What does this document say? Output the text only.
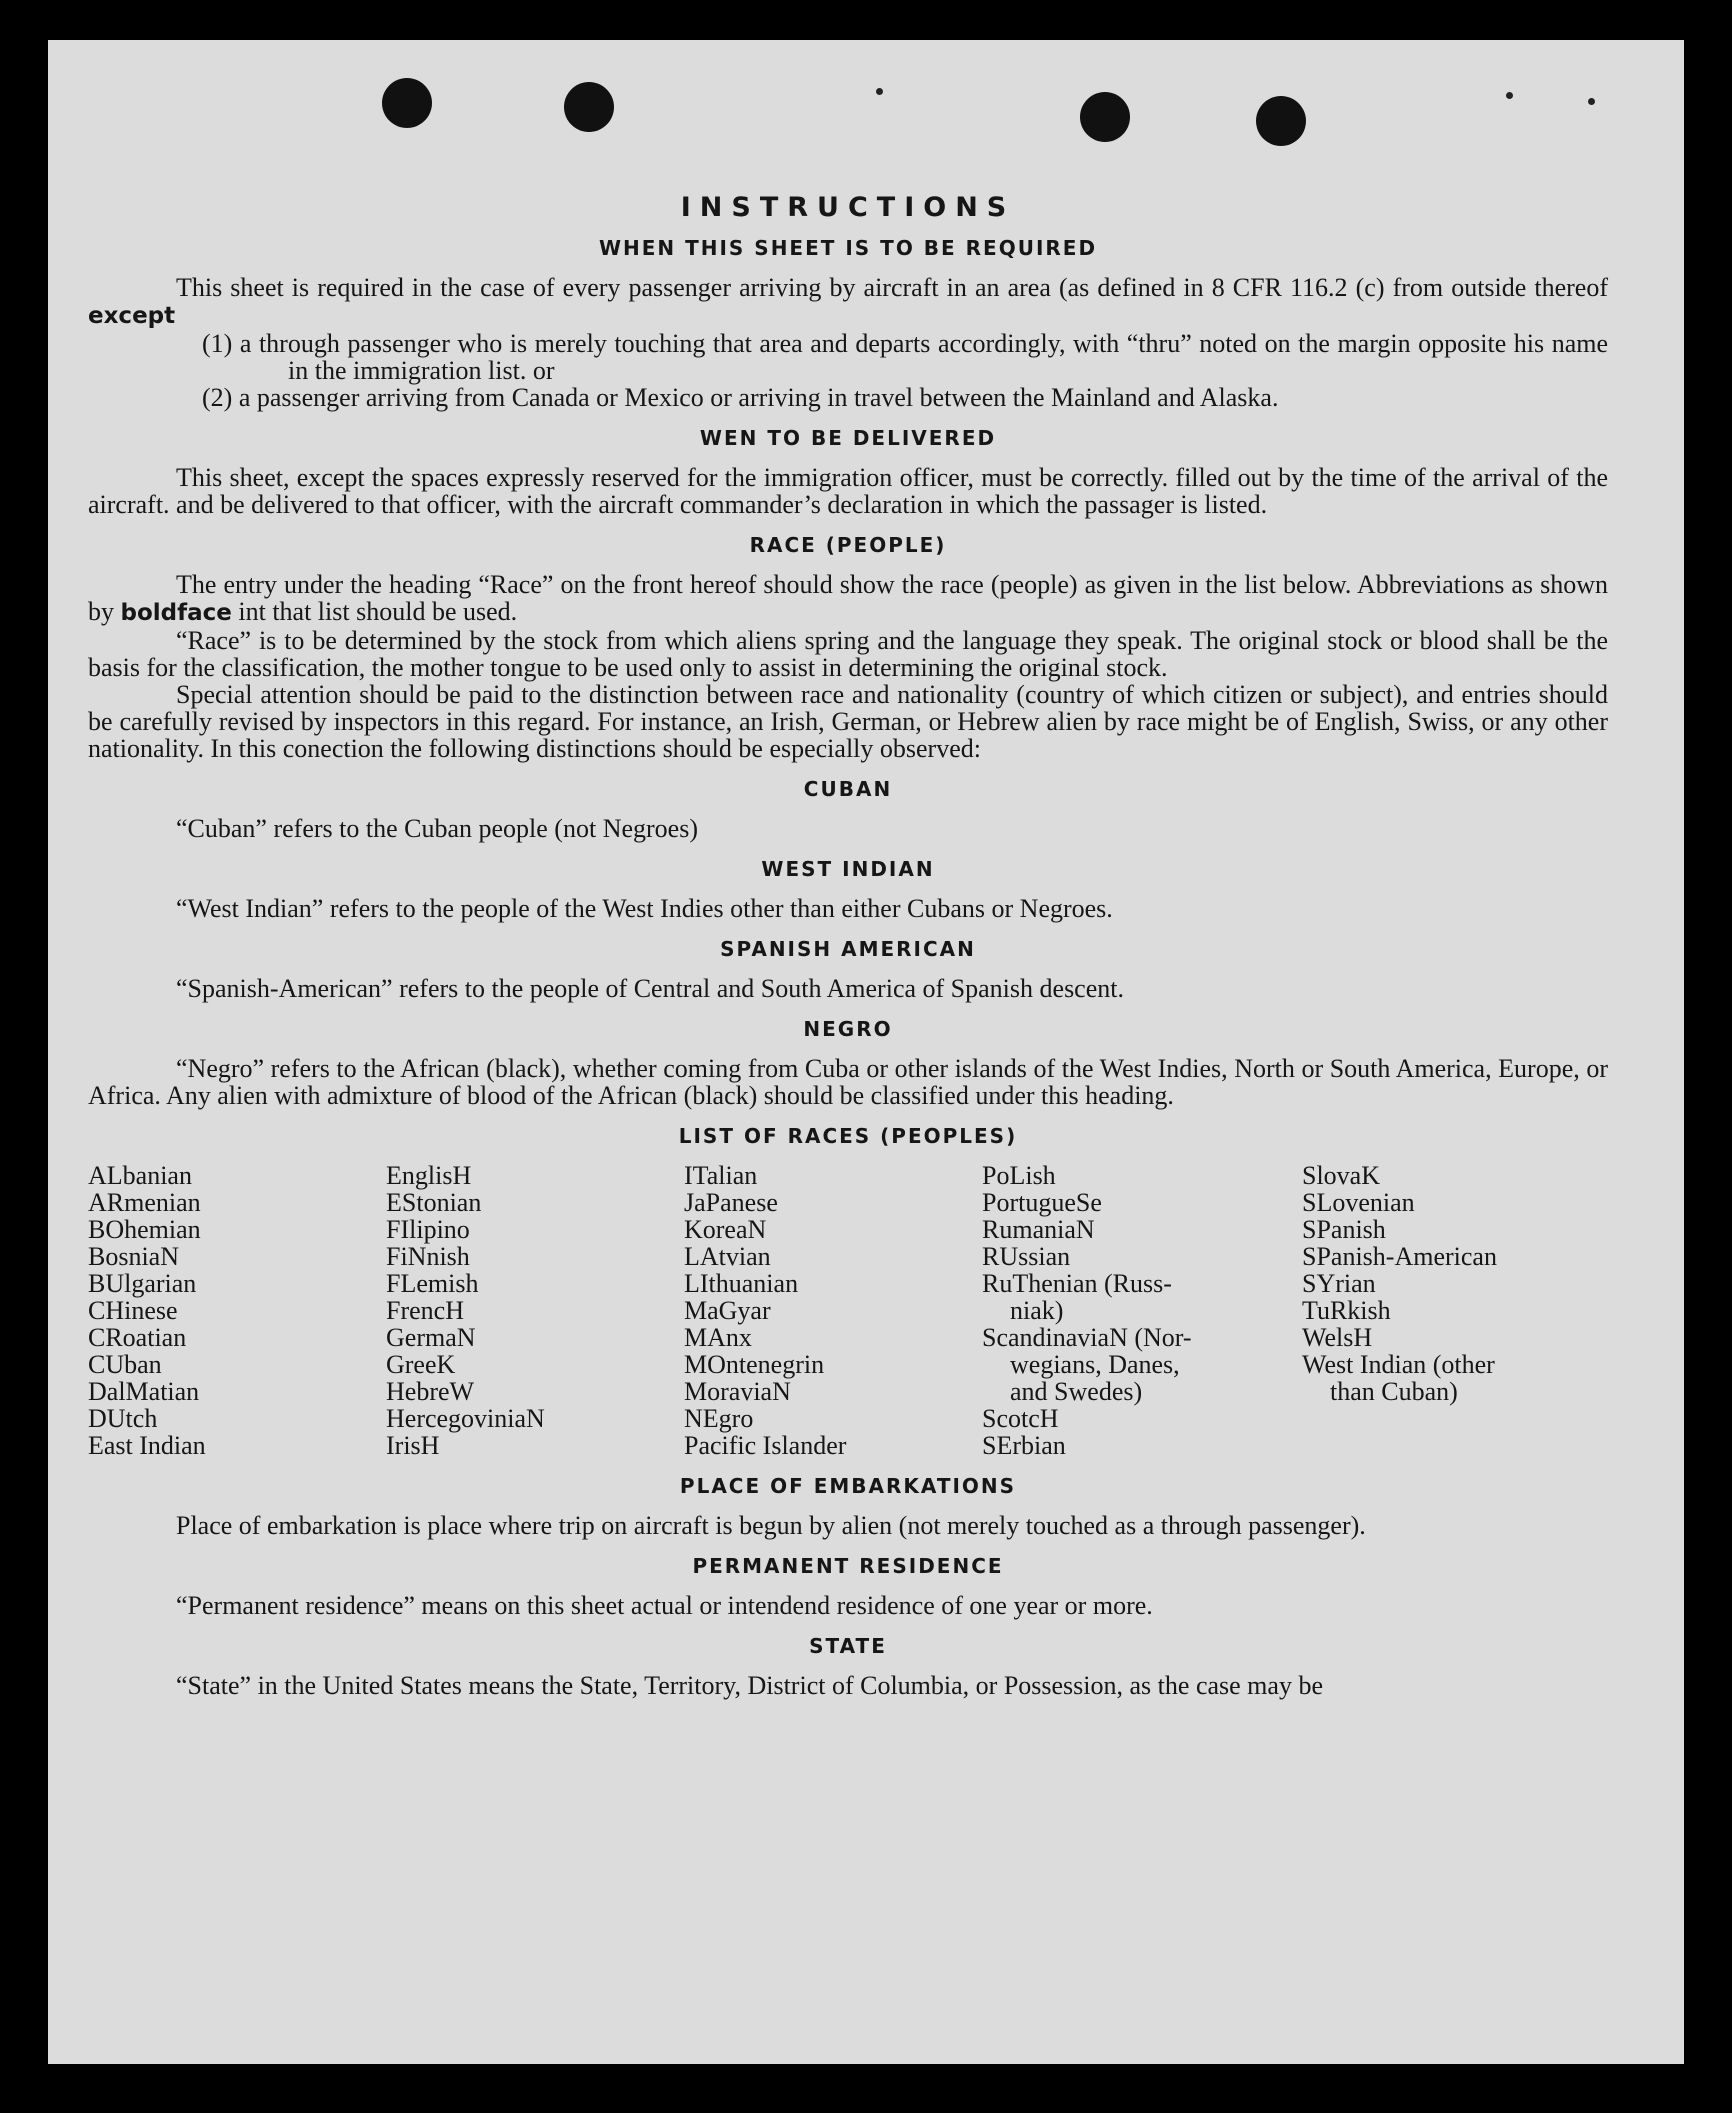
INSTRUCTIONS
WHEN THIS SHEET IS TO BE REQUIRED

This sheet is required in the case of every passenger arriving by aircraft in an area (as defined in 8 CFR 116.2 (c) from outside thereof except

(1) a through passenger who is merely touching that area and departs accordingly, with “thru” noted on the margin opposite his name in the immigration list. or

(2) a passenger arriving from Canada or Mexico or arriving in travel between the Mainland and Alaska.

WEN TO BE DELIVERED

This sheet, except the spaces expressly reserved for the immigration officer, must be correctly. filled out by the time of the arrival of the aircraft. and be delivered to that officer, with the aircraft commander’s declaration in which the passager is listed.

RACE (PEOPLE)

The entry under the heading “Race” on the front hereof should show the race (people) as given in the list below. Abbreviations as shown by boldface int that list should be used.

“Race” is to be determined by the stock from which aliens spring and the language they speak. The original stock or blood shall be the basis for the classification, the mother tongue to be used only to assist in determining the original stock.

Special attention should be paid to the distinction between race and nationality (country of which citizen or subject), and entries should be carefully revised by inspectors in this regard. For instance, an Irish, German, or Hebrew alien by race might be of English, Swiss, or any other nationality. In this conection the following distinctions should be especially observed:

CUBAN

“Cuban” refers to the Cuban people (not Negroes)

WEST INDIAN

“West Indian” refers to the people of the West Indies other than either Cubans or Negroes.

SPANISH AMERICAN

“Spanish-American” refers to the people of Central and South America of Spanish descent.

NEGRO

“Negro” refers to the African (black), whether coming from Cuba or other islands of the West Indies, North or South America, Europe, or Africa. Any alien with admixture of blood of the African (black) should be classified under this heading.

LIST OF RACES (PEOPLES)
ALbanian
ARmenian
BOhemian
BosniaN
BUlgarian
CHinese
CRoatian
CUban
DalMatian
DUtch
East Indian
EnglisH
EStonian
FIlipino
FiNnish
FLemish
FrencH
GermaN
GreeK
HebreW
HercegoviniaN
IrisH
ITalian
JaPanese
KoreaN
LAtvian
LIthuanian
MaGyar
MAnx
MOntenegrin
MoraviaN
NEgro
Pacific Islander
PoLish
PortugueSe
RumaniaN
RUssian
RuThenian (Russ-
niak)
ScandinaviaN (Nor-
wegians, Danes,
and Swedes)
ScotcH
SErbian
SlovaK
SLovenian
SPanish
SPanish-American
SYrian
TuRkish
WelsH
West Indian (other
than Cuban)
PLACE OF EMBARKATIONS

Place of embarkation is place where trip on aircraft is begun by alien (not merely touched as a through passenger).

PERMANENT RESIDENCE

“Permanent residence” means on this sheet actual or intendend residence of one year or more.

STATE

“State” in the United States means the State, Territory, District of Columbia, or Possession, as the case may be
